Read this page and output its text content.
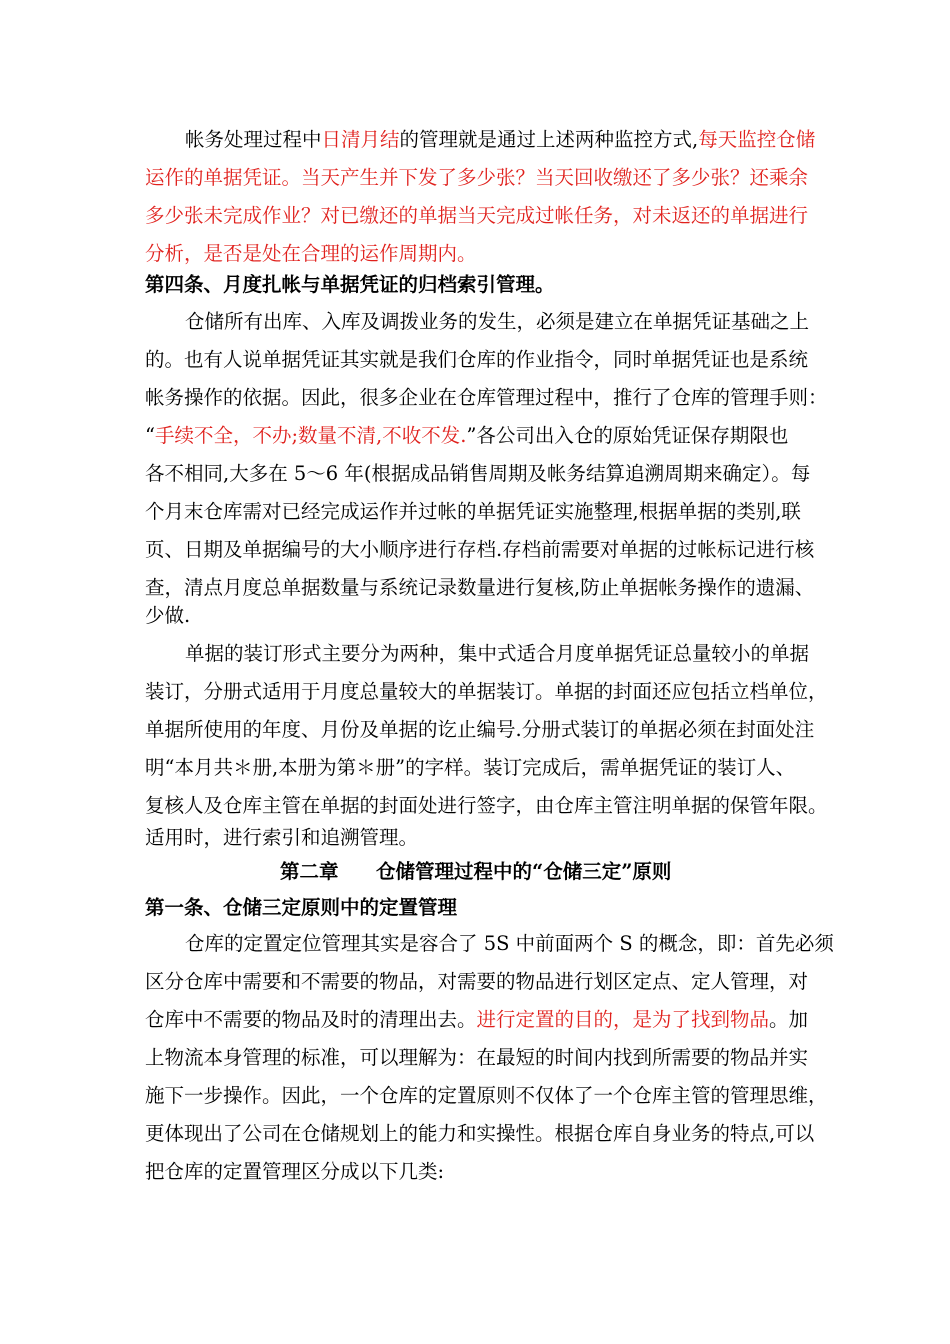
帐务处理过程中日清月结的管理就是通过上述两种监控方式,每天监控仓储
运作的单据凭证。当天产生并下发了多少张？当天回收缴还了多少张？还乘余
多少张未完成作业？对已缴还的单据当天完成过帐任务，对未返还的单据进行
分析，是否是处在合理的运作周期内。
第四条、月度扎帐与单据凭证的归档索引管理。
仓储所有出库、入库及调拨业务的发生，必须是建立在单据凭证基础之上
的。也有人说单据凭证其实就是我们仓库的作业指令，同时单据凭证也是系统
帐务操作的依据。因此，很多企业在仓库管理过程中，推行了仓库的管理手则：
“手续不全，不办;数量不清,不收不发.”各公司出入仓的原始凭证保存期限也
各不相同,大多在 5～6 年(根据成品销售周期及帐务结算追溯周期来确定）。每
个月末仓库需对已经完成运作并过帐的单据凭证实施整理,根据单据的类别,联
页、日期及单据编号的大小顺序进行存档.存档前需要对单据的过帐标记进行核
查，清点月度总单据数量与系统记录数量进行复核,防止单据帐务操作的遗漏、
少做.
单据的装订形式主要分为两种，集中式适合月度单据凭证总量较小的单据
装订，分册式适用于月度总量较大的单据装订。单据的封面还应包括立档单位，
单据所使用的年度、月份及单据的讫止编号.分册式装订的单据必须在封面处注
明“本月共＊册,本册为第＊册”的字样。装订完成后，需单据凭证的装订人、
复核人及仓库主管在单据的封面处进行签字，由仓库主管注明单据的保管年限。
适用时，进行索引和追溯管理。
第二章 仓储管理过程中的“仓储三定”原则
第一条、仓储三定原则中的定置管理
仓库的定置定位管理其实是容合了 5S 中前面两个 S 的概念，即：首先必须
区分仓库中需要和不需要的物品，对需要的物品进行划区定点、定人管理，对
仓库中不需要的物品及时的清理出去。进行定置的目的，是为了找到物品。加
上物流本身管理的标准，可以理解为：在最短的时间内找到所需要的物品并实
施下一步操作。因此，一个仓库的定置原则不仅体了一个仓库主管的管理思维，
更体现出了公司在仓储规划上的能力和实操性。根据仓库自身业务的特点,可以
把仓库的定置管理区分成以下几类:
